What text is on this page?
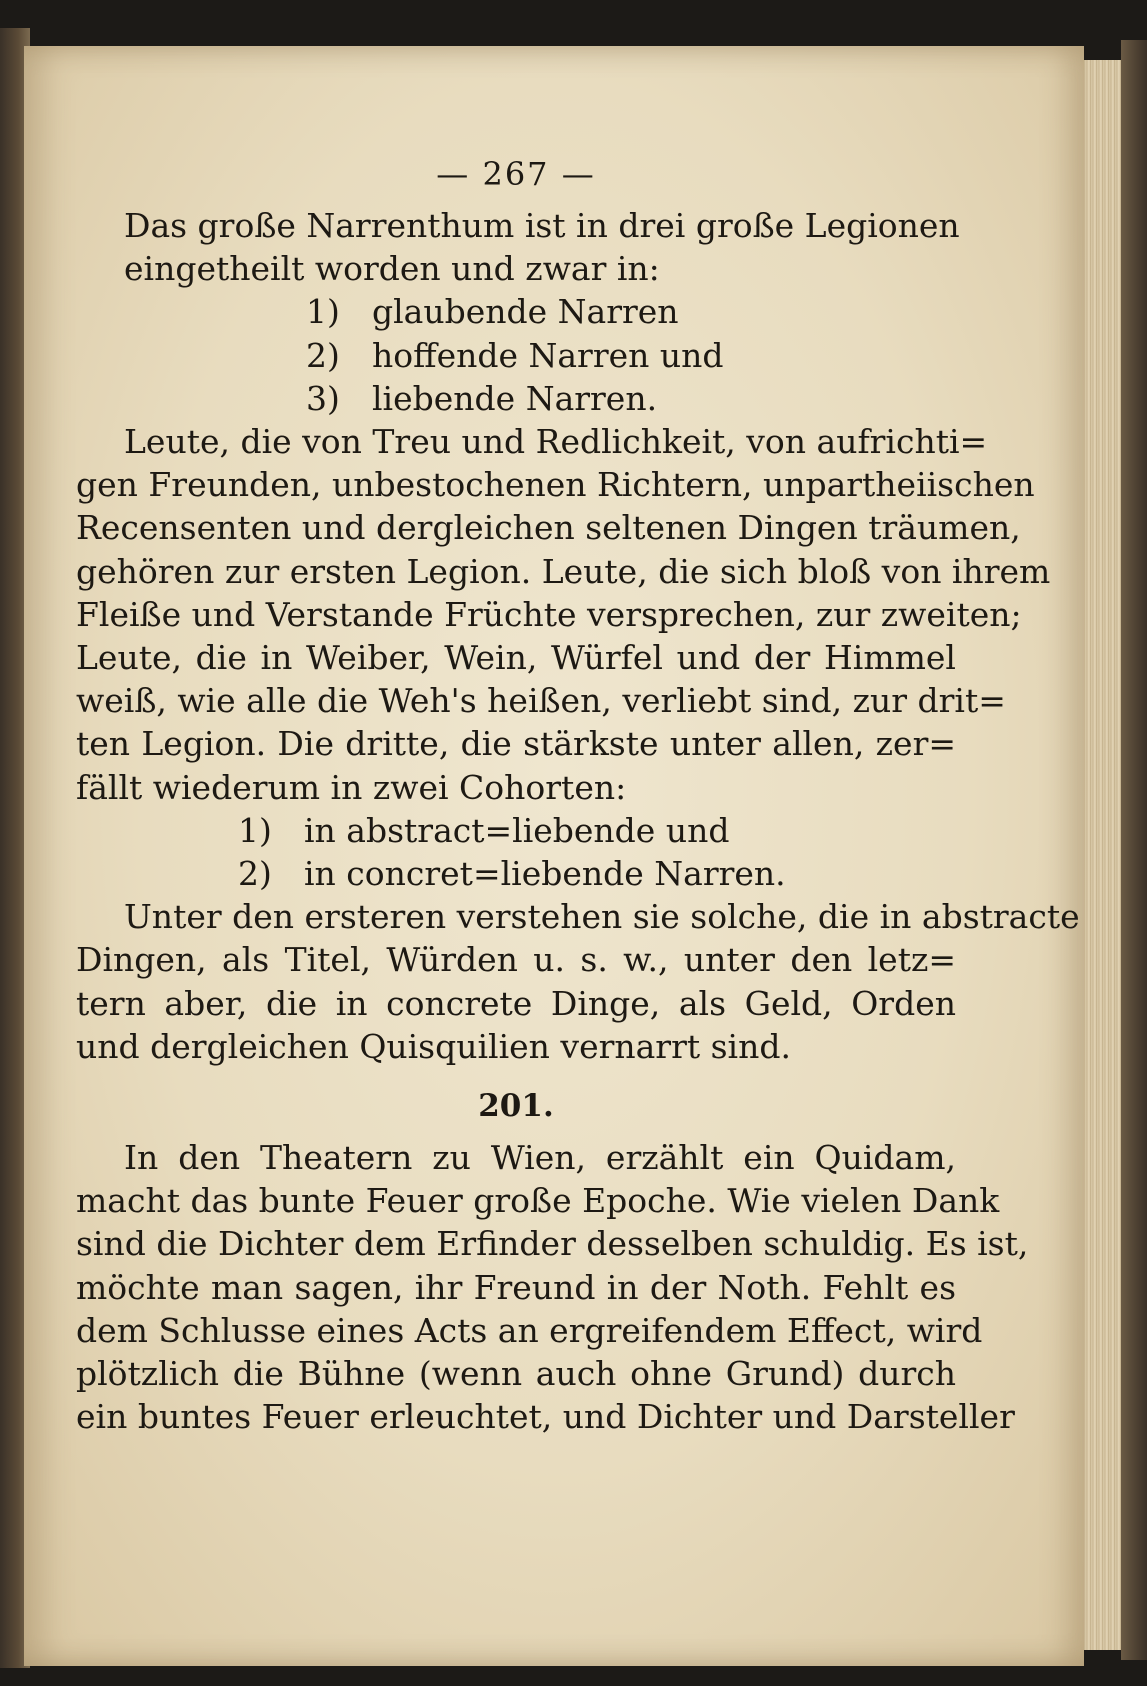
— 267 —
Das große Narrenthum ist in drei große Legionen
eingetheilt worden und zwar in:
1) glaubende Narren
2) hoffende Narren und
3) liebende Narren.
Leute, die von Treu und Redlichkeit, von aufrichti=
gen Freunden, unbestochenen Richtern, unpartheiischen
Recensenten und dergleichen seltenen Dingen träumen,
gehören zur ersten Legion. Leute, die sich bloß von ihrem
Fleiße und Verstande Früchte versprechen, zur zweiten;
Leute, die in Weiber, Wein, Würfel und der Himmel
weiß, wie alle die Weh's heißen, verliebt sind, zur drit=
ten Legion. Die dritte, die stärkste unter allen, zer=
fällt wiederum in zwei Cohorten:
1) in abstract=liebende und
2) in concret=liebende Narren.
Unter den ersteren verstehen sie solche, die in abstracte
Dingen, als Titel, Würden u. s. w., unter den letz=
tern aber, die in concrete Dinge, als Geld, Orden
und dergleichen Quisquilien vernarrt sind.
201.
In den Theatern zu Wien, erzählt ein Quidam,
macht das bunte Feuer große Epoche. Wie vielen Dank
sind die Dichter dem Erfinder desselben schuldig. Es ist,
möchte man sagen, ihr Freund in der Noth. Fehlt es
dem Schlusse eines Acts an ergreifendem Effect, wird
plötzlich die Bühne (wenn auch ohne Grund) durch
ein buntes Feuer erleuchtet, und Dichter und Darsteller
